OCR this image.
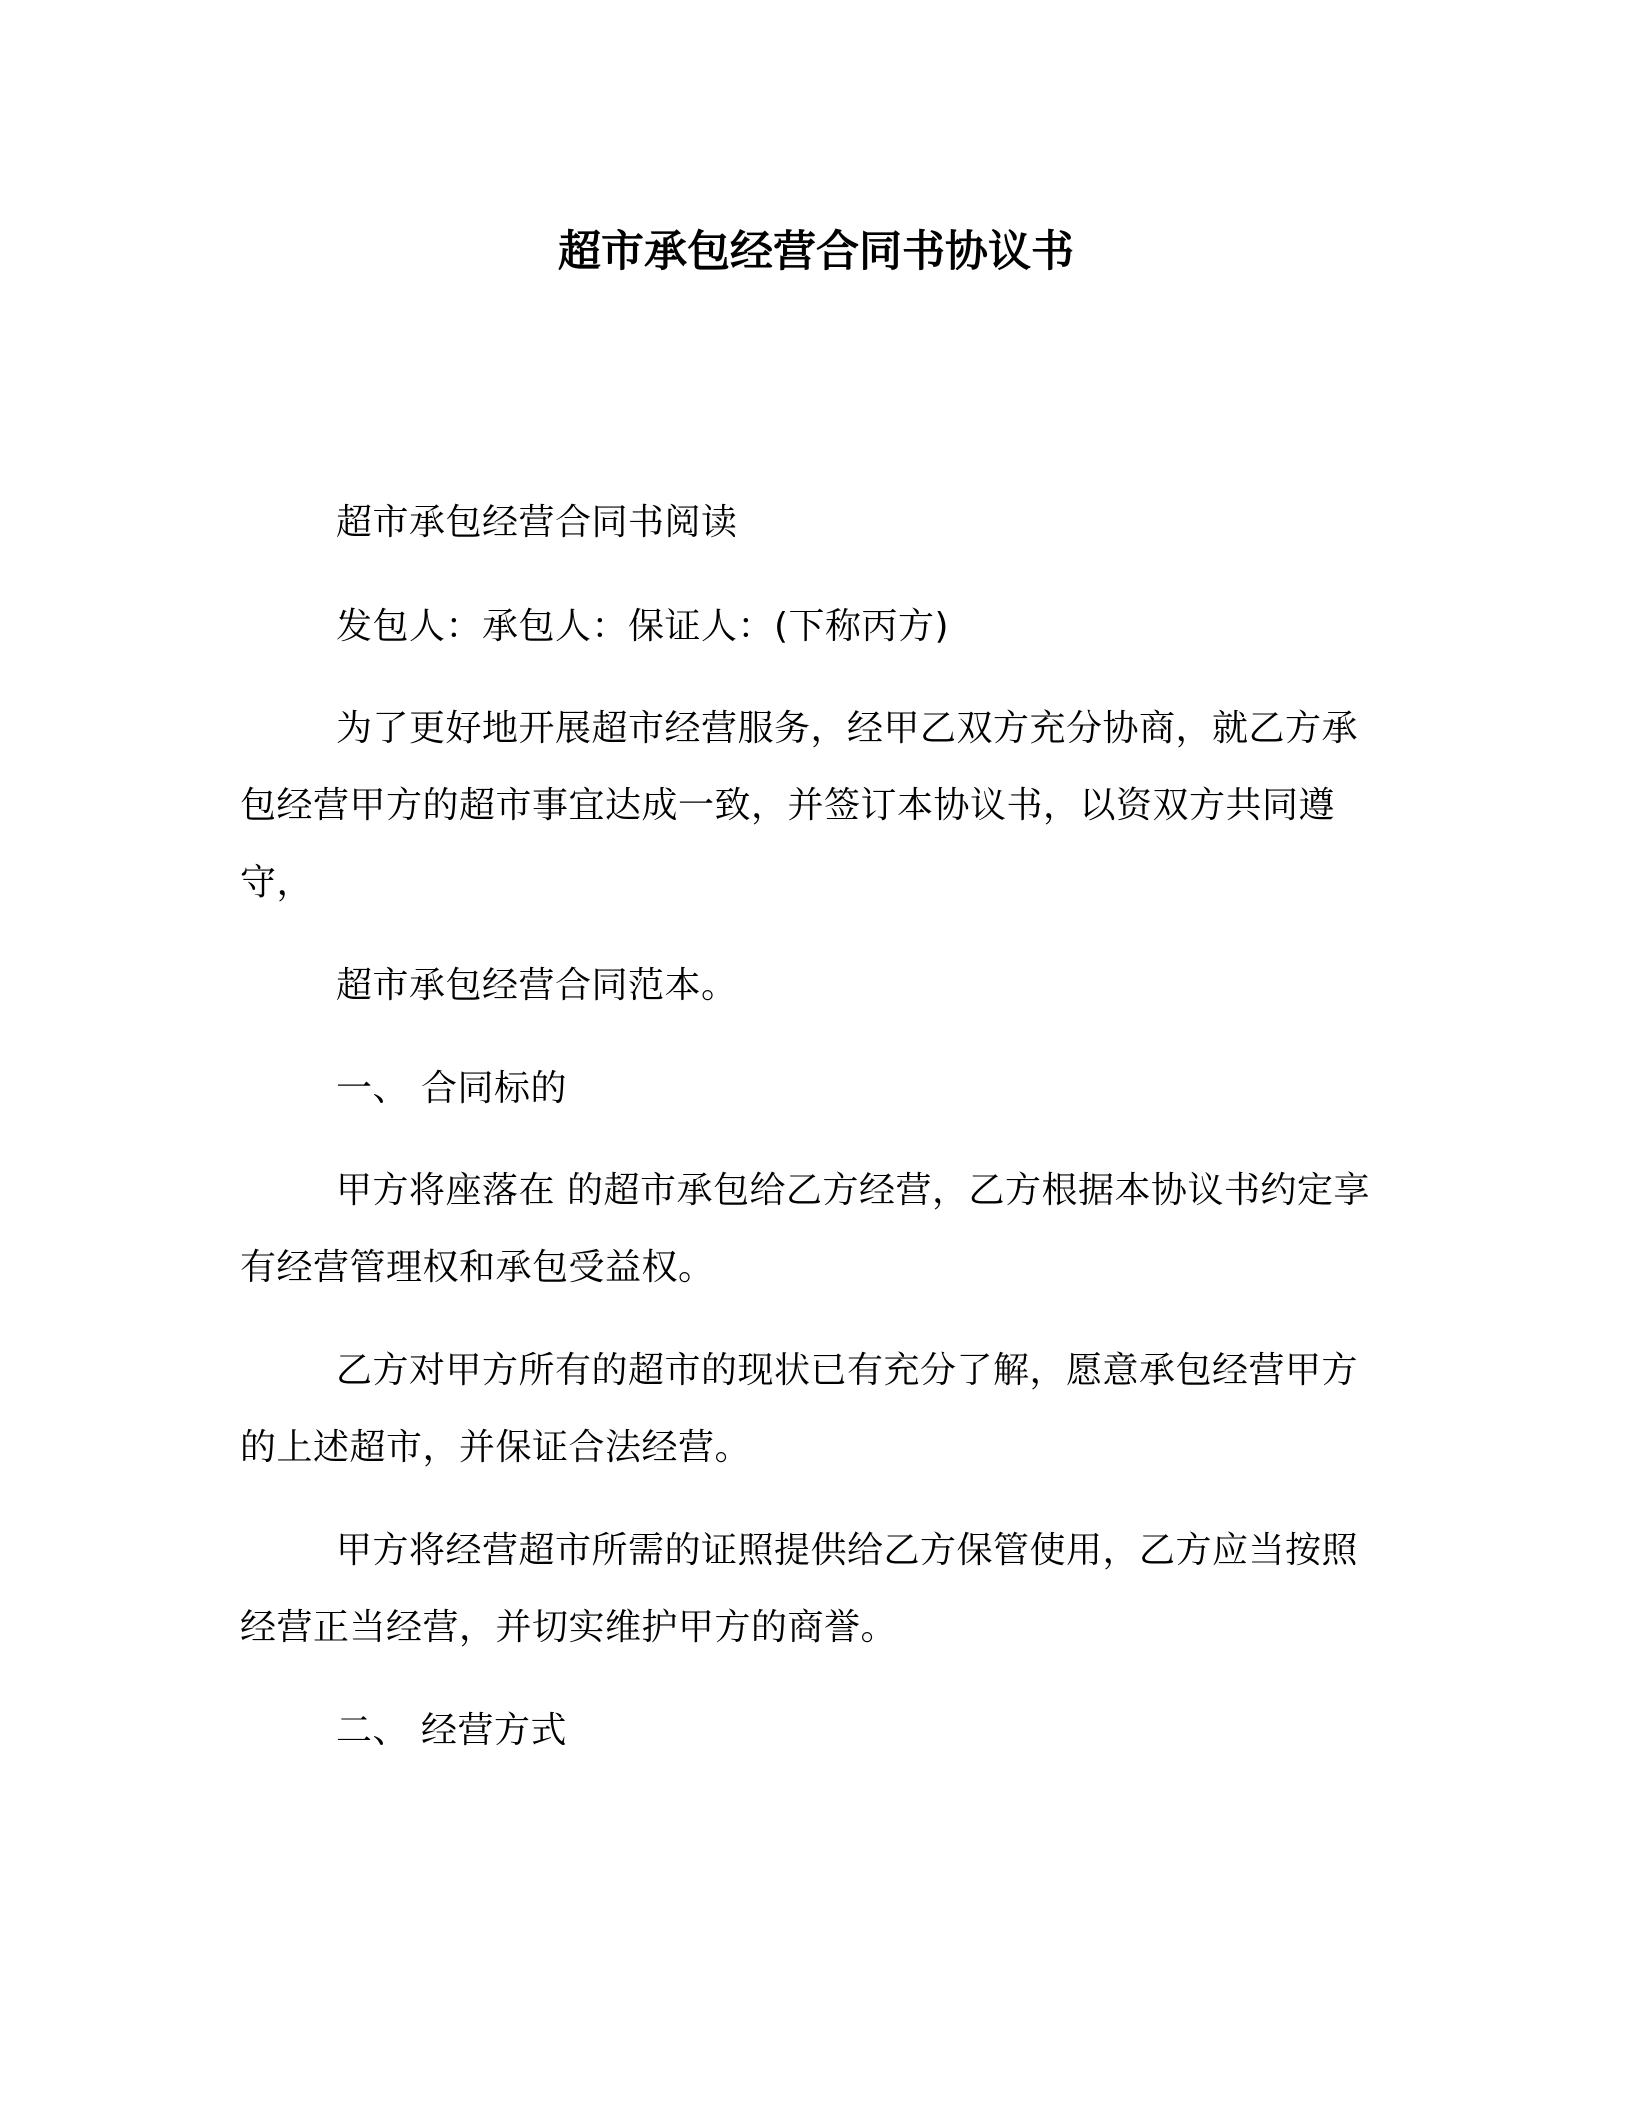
超市承包经营合同书协议书

超市承包经营合同书阅读

发包人：承包人：保证人：(下称丙方)

为了更好地开展超市经营服务，经甲乙双方充分协商，就乙方承包经营甲方的超市事宜达成一致，并签订本协议书，以资双方共同遵守，

超市承包经营合同范本。

一、 合同标的

甲方将座落在 的超市承包给乙方经营，乙方根据本协议书约定享有经营管理权和承包受益权。

乙方对甲方所有的超市的现状已有充分了解，愿意承包经营甲方的上述超市，并保证合法经营。

甲方将经营超市所需的证照提供给乙方保管使用，乙方应当按照经营正当经营，并切实维护甲方的商誉。

二、 经营方式
